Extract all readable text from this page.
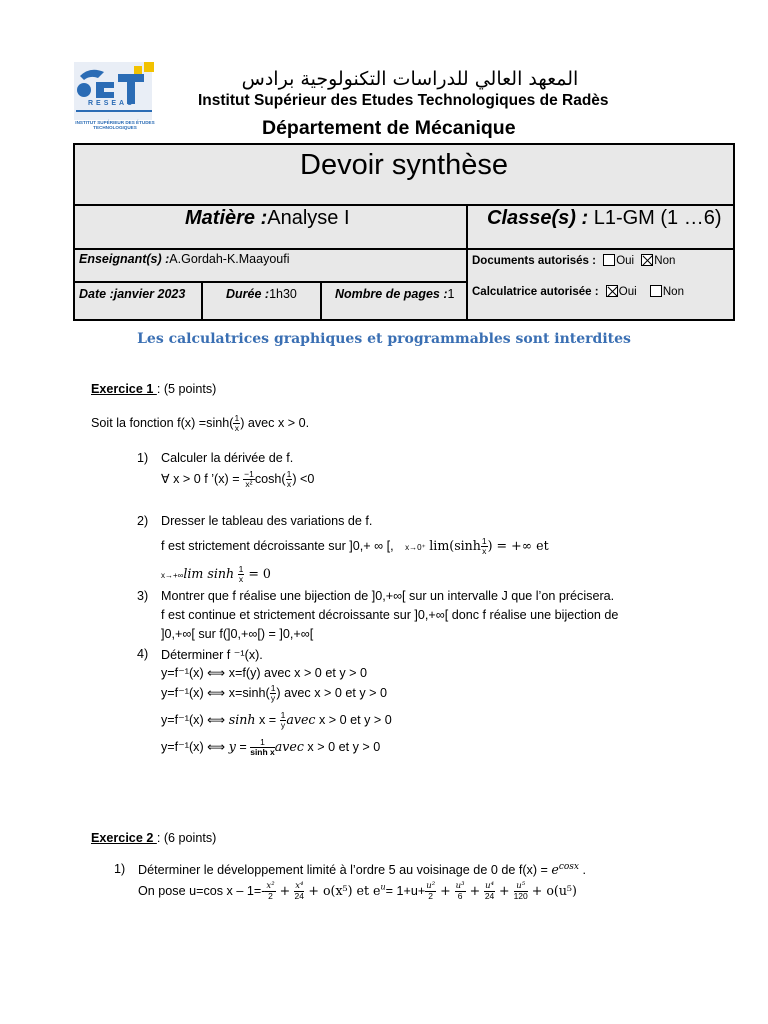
RESEAU
INSTITUT SUPÉRIEUR DES ÉTUDES TECHNOLOGIQUES
المعهد العالي للدراسات التكنولوجية برادس
Institut Supérieur des Etudes Technologiques de Radès
Département de Mécanique
Devoir synthèse
Matière :Analyse I	Classe(s) : L1-GM (1 …6)
Enseignant(s) :A.Gordah-K.Maayoufi	Documents autorisés : Oui Non
Calculatrice autorisée : Oui Non
Date :janvier 2023	Durée :1h30	Nombre de pages :1
Les calculatrices graphiques et programmables sont interdites
Exercice 1 : (5 points)
Soit la fonction $f(x) =\sinh( \frac{1}{x}$ ) avec x > 0.
1) Calculer la dérivée de f.
∀ x > 0 f ’(x) = $\frac{-1}{\text{x²}} \cosh( \frac{1}{x}$ ) <0
2) Dresser le tableau des variations de f.
f est strictement décroissante sur ]0,+ ∞ [, x→0⁺ $\lim(\sinh \frac{1}{x}$ ) = +∞ et
x→+∞lim $\sinh \frac{1}{x} = 0$
3) Montrer que f réalise une bijection de ]0,+∞[ sur un intervalle J que l’on précisera.
f est continue et strictement décroissante sur ]0,+∞[ donc f réalise une bijection de
]0,+∞[ sur f(]0,+∞[) = ]0,+∞[
4) Déterminer f ⁻¹(x).
y=f⁻¹(x) ⟺ x=f(y) avec x > 0 et y > 0
y=f⁻¹(x) ⟺ $x=\sinh( \frac{1}{y}$ ) avec x > 0 et y > 0
y=f⁻¹(x) ⟺ $\sinh x = \frac{1}{y}$ avec x > 0 et y > 0
y=f⁻¹(x) ⟺ $y = \frac{1}{\text{sinh x}}$ avec x > 0 et y > 0
Exercice 2 : (6 points)
1) Déterminer le développement limité à l’ordre 5 au voisinage de 0 de $f(x) = e^{cosx}$ .
On pose u=cos $x - 1=- \frac{\text{x²}}{2} + \frac{\text{x⁴}}{24} + o(x^5)$ et $e^u= 1+u+ \frac{\text{u²}}{2} + \frac{\text{u³}}{6} + \frac{\text{u⁴}}{24} + \frac{\text{u⁵}}{120} + o(u^5)$
